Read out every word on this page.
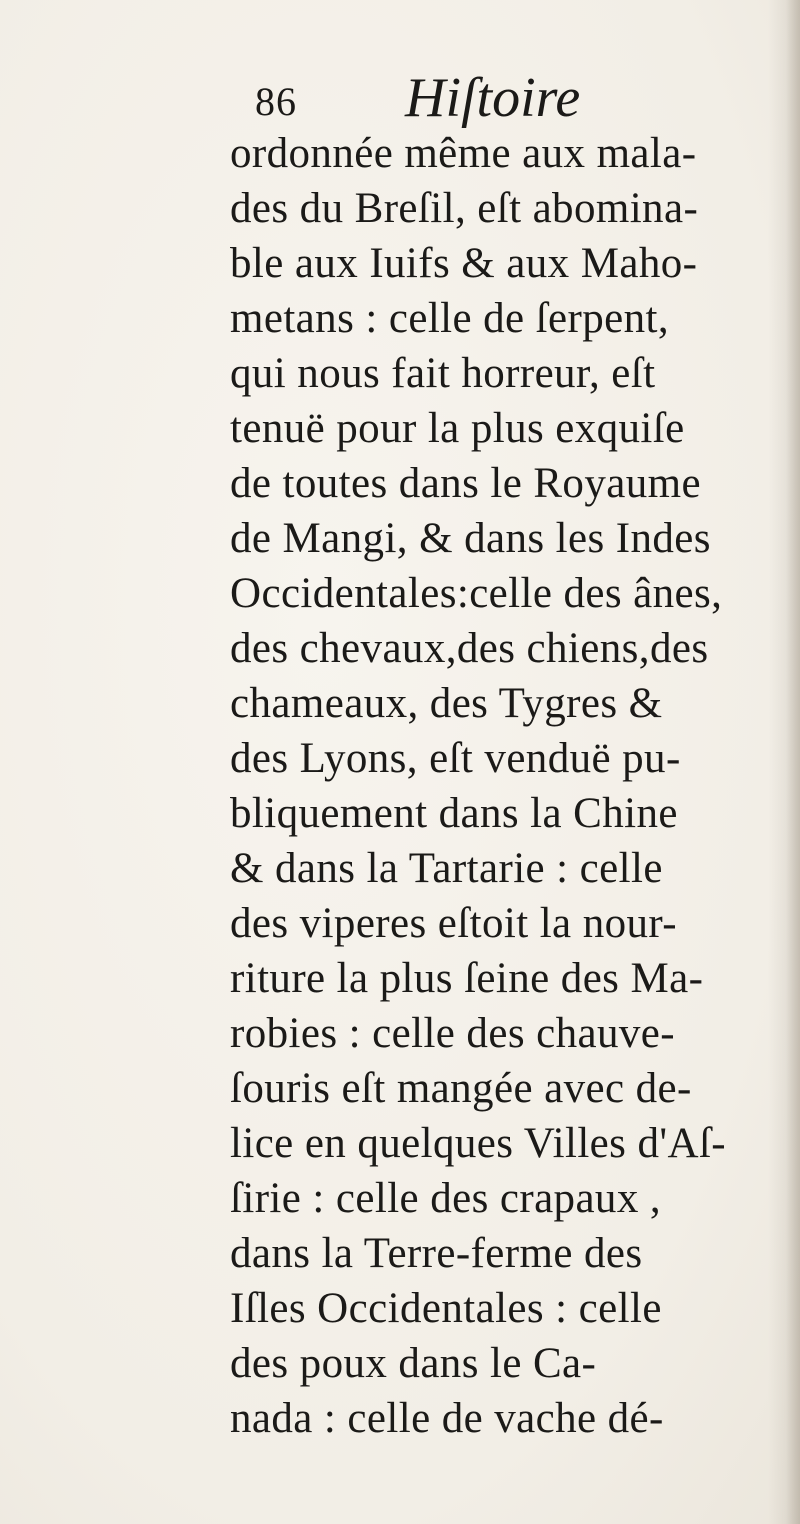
86 Hiſtoire
ordonnée même aux mala-
des du Breſil, eſt abomina-
ble aux Iuifs & aux Maho-
metans : celle de ſerpent,
qui nous fait horreur, eſt
tenuë pour la plus exquiſe
de toutes dans le Royaume
de Mangi, & dans les Indes
Occidentales:celle des ânes,
des chevaux,des chiens,des
chameaux, des Tygres &
des Lyons, eſt venduë pu-
bliquement dans la Chine
& dans la Tartarie : celle
des viperes eſtoit la nour-
riture la plus ſeine des Ma-
robies : celle des chauve-
ſouris eſt mangée avec de-
lice en quelques Villes d'Aſ-
ſirie : celle des crapaux ,
dans la Terre-ferme des
Iſles Occidentales : celle
des poux dans le Ca-
nada : celle de vache dé-
